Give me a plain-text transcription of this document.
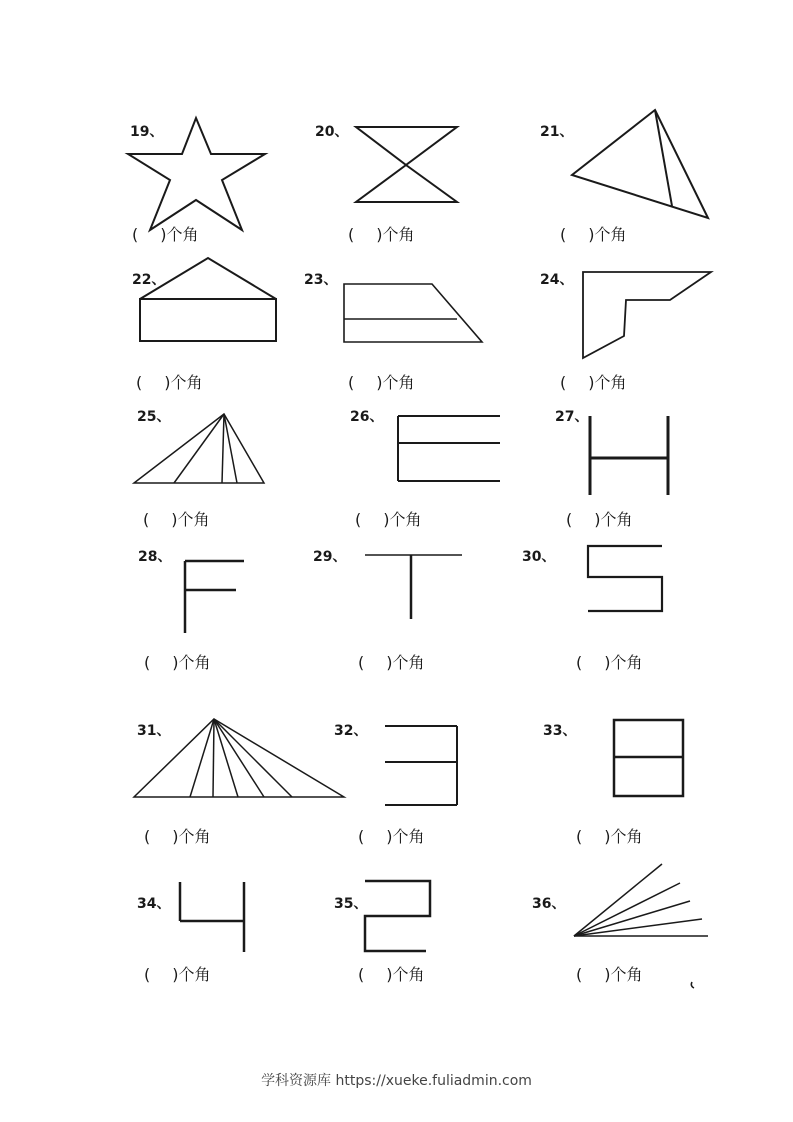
19、	20、	21、
22、	23、	24、
25、	26、	27、
28、	29、	30、
31、	32、	33、
34、	35、	36、
( )个角	( )个角	( )个角
( )个角	( )个角	( )个角
( )个角	( )个角	( )个角
( )个角	( )个角	( )个角
( )个角	( )个角	( )个角
( )个角	( )个角	( )个角
学科资源库 https://xueke.fuliadmin.com
